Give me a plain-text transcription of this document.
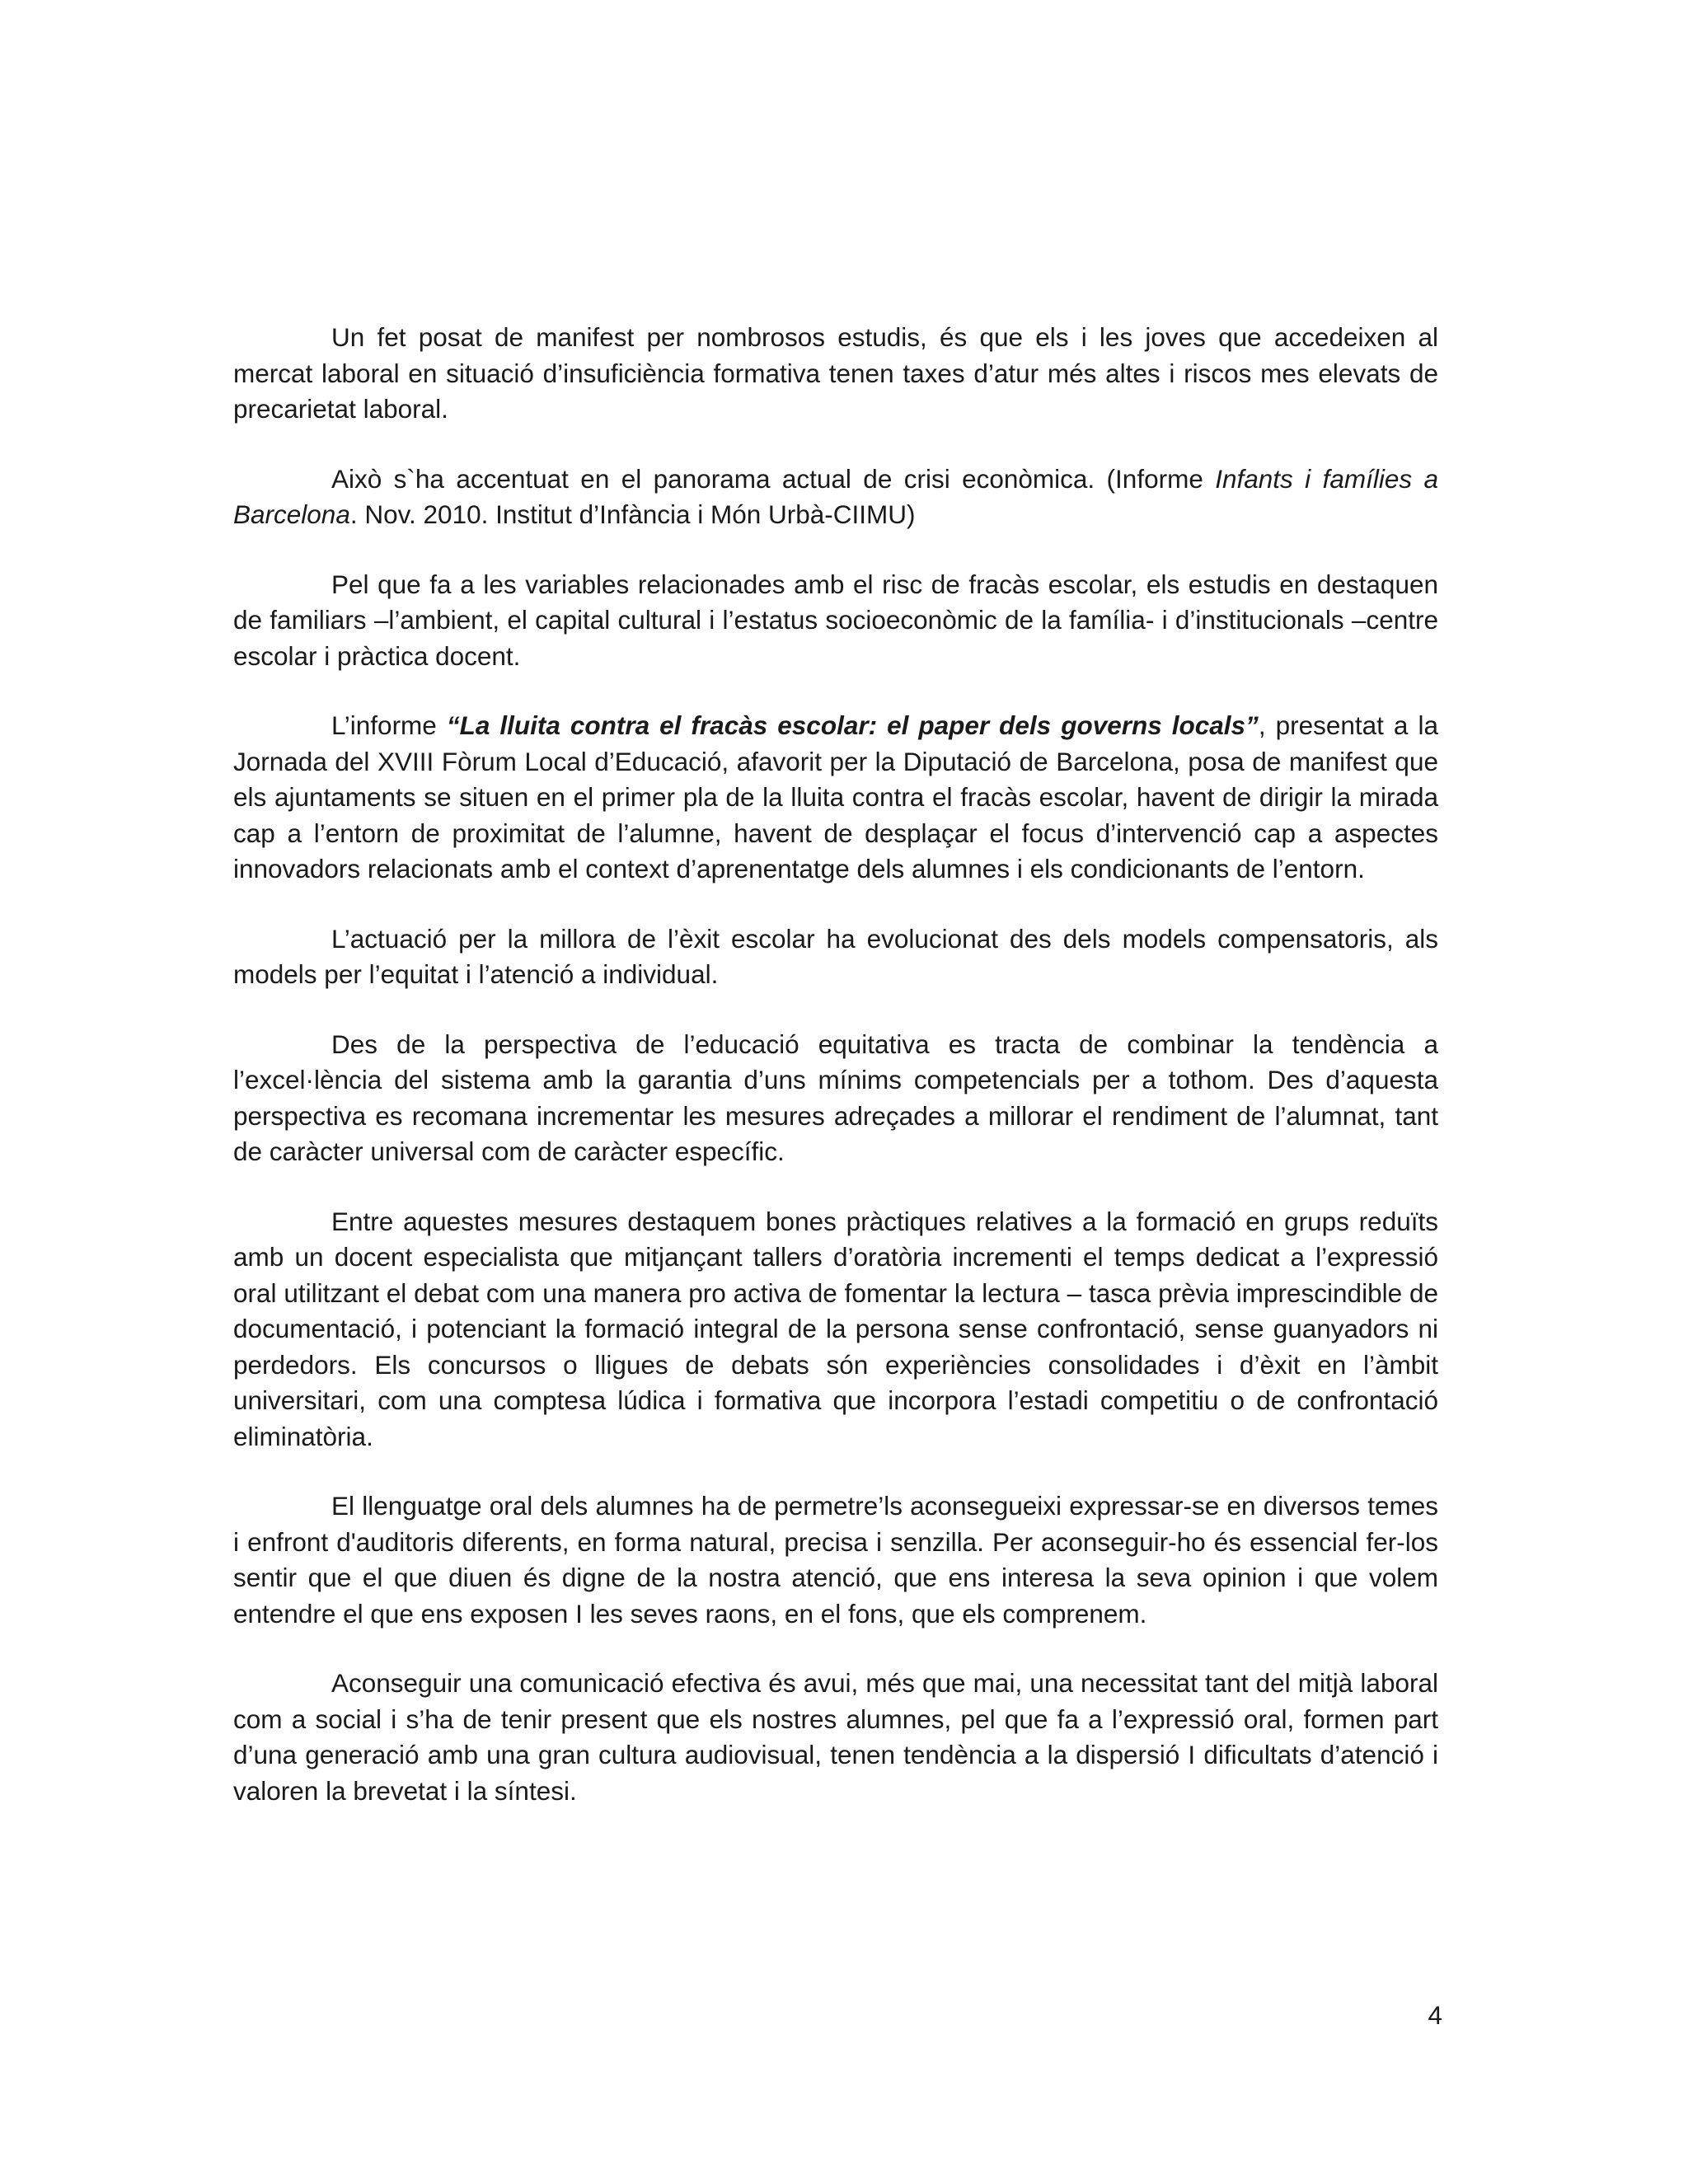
Un fet posat de manifest per nombrosos estudis, és que els i les joves que accedeixen al mercat laboral en situació d’insuficiència formativa tenen taxes d’atur més altes i riscos mes elevats de precarietat laboral.

Això s`ha accentuat en el panorama actual de crisi econòmica. (Informe Infants i famílies a Barcelona. Nov. 2010. Institut d’Infància i Món Urbà-CIIMU)

Pel que fa a les variables relacionades amb el risc de fracàs escolar, els estudis en destaquen de familiars –l’ambient, el capital cultural i l’estatus socioeconòmic de la família- i d’institucionals –centre escolar i pràctica docent.

L’informe “La lluita contra el fracàs escolar: el paper dels governs locals”, presentat a la Jornada del XVIII Fòrum Local d’Educació, afavorit per la Diputació de Barcelona, posa de manifest que els ajuntaments se situen en el primer pla de la lluita contra el fracàs escolar, havent de dirigir la mirada cap a l’entorn de proximitat de l’alumne, havent de desplaçar el focus d’intervenció cap a aspectes innovadors relacionats amb el context d’aprenentatge dels alumnes i els condicionants de l’entorn.

L’actuació per la millora de l’èxit escolar ha evolucionat des dels models compensatoris, als models per l’equitat i l’atenció a individual.

Des de la perspectiva de l’educació equitativa es tracta de combinar la tendència a l’excel·lència del sistema amb la garantia d’uns mínims competencials per a tothom. Des d’aquesta perspectiva es recomana incrementar les mesures adreçades a millorar el rendiment de l’alumnat, tant de caràcter universal com de caràcter específic.

Entre aquestes mesures destaquem bones pràctiques relatives a la formació en grups reduïts amb un docent especialista que mitjançant tallers d’oratòria incrementi el temps dedicat a l’expressió oral utilitzant el debat com una manera pro activa de fomentar la lectura – tasca prèvia imprescindible de documentació, i potenciant la formació integral de la persona sense confrontació, sense guanyadors ni perdedors. Els concursos o lligues de debats són experiències consolidades i d’èxit en l’àmbit universitari, com una comptesa lúdica i formativa que incorpora l’estadi competitiu o de confrontació eliminatòria.

El llenguatge oral dels alumnes ha de permetre’ls aconsegueixi expressar-se en diversos temes i enfront d'auditoris diferents, en forma natural, precisa i senzilla. Per aconseguir-ho és essencial fer-los sentir que el que diuen és digne de la nostra atenció, que ens interesa la seva opinion i que volem entendre el que ens exposen I les seves raons, en el fons, que els comprenem.

Aconseguir una comunicació efectiva és avui, més que mai, una necessitat tant del mitjà laboral com a social i s’ha de tenir present que els nostres alumnes, pel que fa a l’expressió oral, formen part d’una generació amb una gran cultura audiovisual, tenen tendència a la dispersió I dificultats d’atenció i valoren la brevetat i la síntesi.

4
